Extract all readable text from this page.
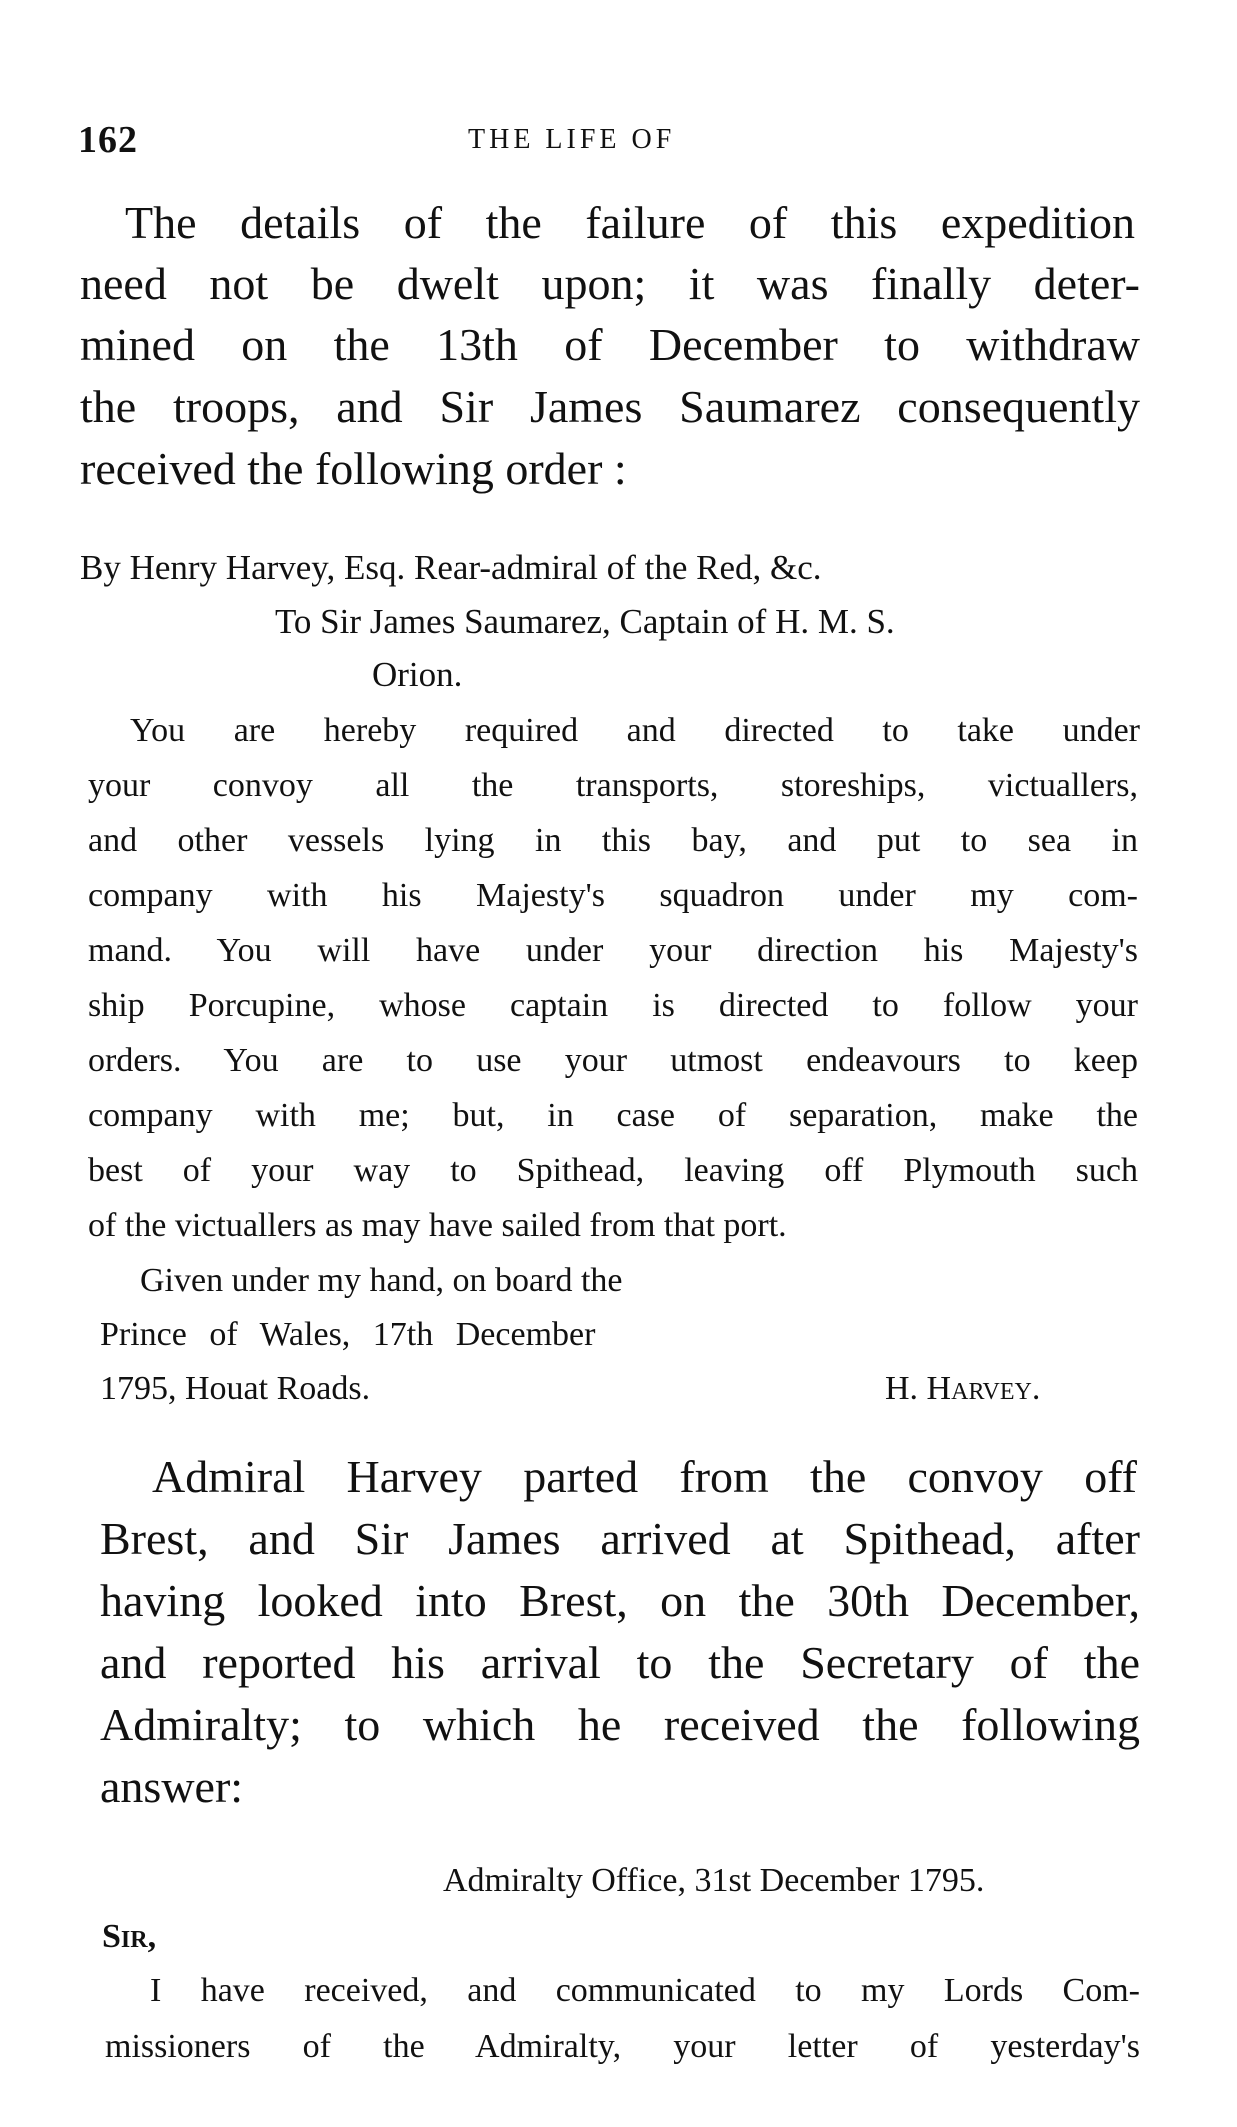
162	THE LIFE OF
The details of the failure of this expedition
need not be dwelt upon; it was finally deter-
mined on the 13th of December to withdraw
the troops, and Sir James Saumarez consequently
received the following order :
By Henry Harvey, Esq. Rear-admiral of the Red, &c.
To Sir James Saumarez, Captain of H. M. S.
Orion.
You are hereby required and directed to take under
your convoy all the transports, storeships, victuallers,
and other vessels lying in this bay, and put to sea in
company with his Majesty's squadron under my com-
mand. You will have under your direction his Majesty's
ship Porcupine, whose captain is directed to follow your
orders. You are to use your utmost endeavours to keep
company with me; but, in case of separation, make the
best of your way to Spithead, leaving off Plymouth such
of the victuallers as may have sailed from that port.
Given under my hand, on board the
Prince of Wales, 17th December
1795, Houat Roads.	H. Harvey.
Admiral Harvey parted from the convoy off
Brest, and Sir James arrived at Spithead, after
having looked into Brest, on the 30th December,
and reported his arrival to the Secretary of the
Admiralty; to which he received the following
answer:
Admiralty Office, 31st December 1795.
Sir,
I have received, and communicated to my Lords Com-
missioners of the Admiralty, your letter of yesterday's
